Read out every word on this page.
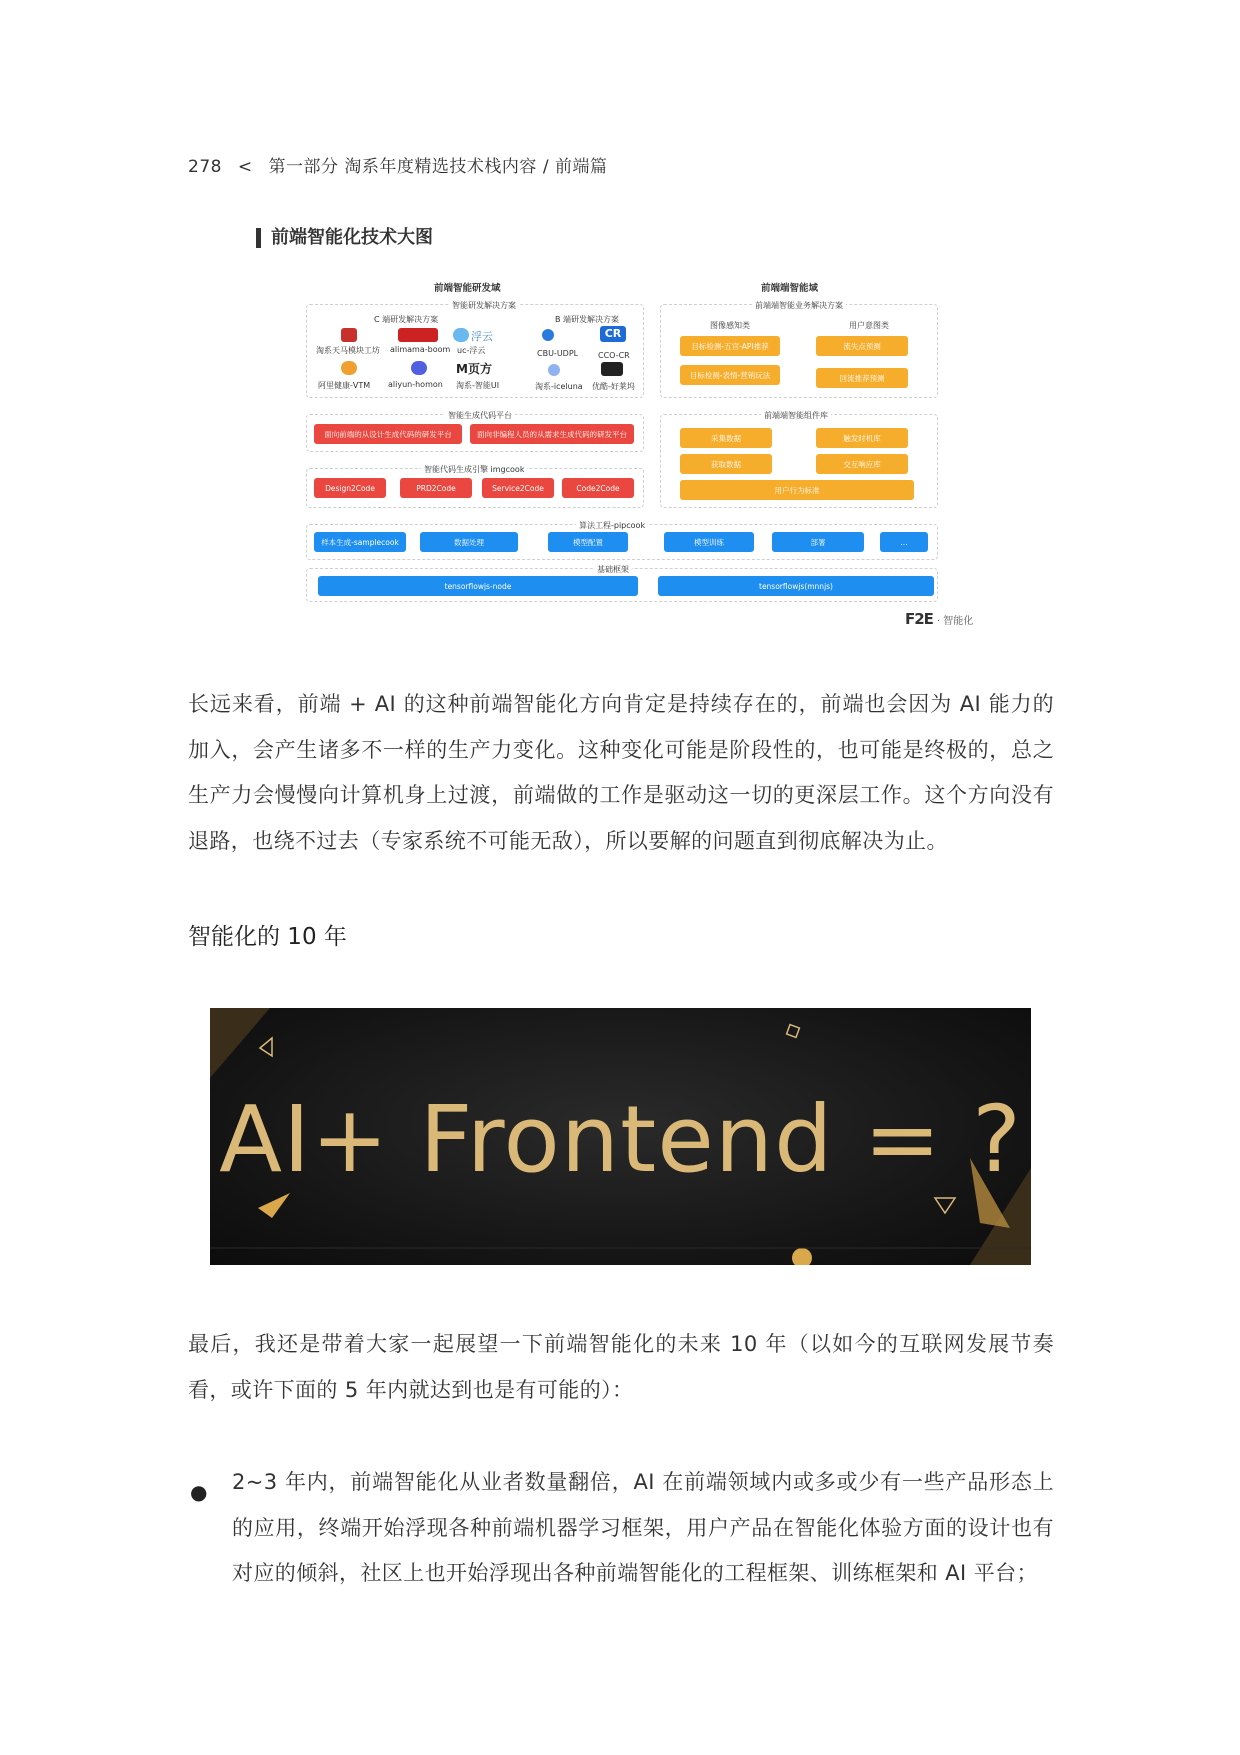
278 < 第一部分 淘系年度精选技术栈内容 / 前端篇
前端智能化技术大图
前端智能研发域	前端端智能域
智能研发解决方案
C 端研发解决方案	B 端研发解决方案
浮云
淘系天马模块工坊 alimama-boom uc-浮云
M页方
阿里健康-VTM aliyun-homon 淘系-智能UI
CR
CBU-UDPL CCO-CR
淘系-iceluna 优酷-好莱坞
前端端智能业务解决方案
图像感知类	用户意图类
目标检测-五官-API推荐
目标检测-表情-营销玩法
流失点预测
回流推荐预测
智能生成代码平台
面向前端的从设计生成代码的研发平台	面向非编程人员的从需求生成代码的研发平台
智能代码生成引擎 imgcook
Design2Code	PRD2Code	Service2Code	Code2Code
前端端智能组件库
采集数据	触发时机库
获取数据	交互响应库
用户行为标准
算法工程-pipcook
样本生成-samplecook	数据处理	模型配置	模型训练	部署	...
基础框架
tensorflowjs-node	tensorflowjs(mnnjs)
F2E · 智能化
长远来看，前端 + AI 的这种前端智能化方向肯定是持续存在的，前端也会因为 AI 能力的加入，会产生诸多不一样的生产力变化。这种变化可能是阶段性的，也可能是终极的，总之生产力会慢慢向计算机身上过渡，前端做的工作是驱动这一切的更深层工作。这个方向没有退路，也绕不过去（专家系统不可能无敌），所以要解的问题直到彻底解决为止。
智能化的 10 年
AI+ Frontend = ?
最后，我还是带着大家一起展望一下前端智能化的未来 10 年（以如今的互联网发展节奏看，或许下面的 5 年内就达到也是有可能的）：
● 2~3 年内，前端智能化从业者数量翻倍，AI 在前端领域内或多或少有一些产品形态上的应用，终端开始浮现各种前端机器学习框架，用户产品在智能化体验方面的设计也有对应的倾斜，社区上也开始浮现出各种前端智能化的工程框架、训练框架和 AI 平台；
